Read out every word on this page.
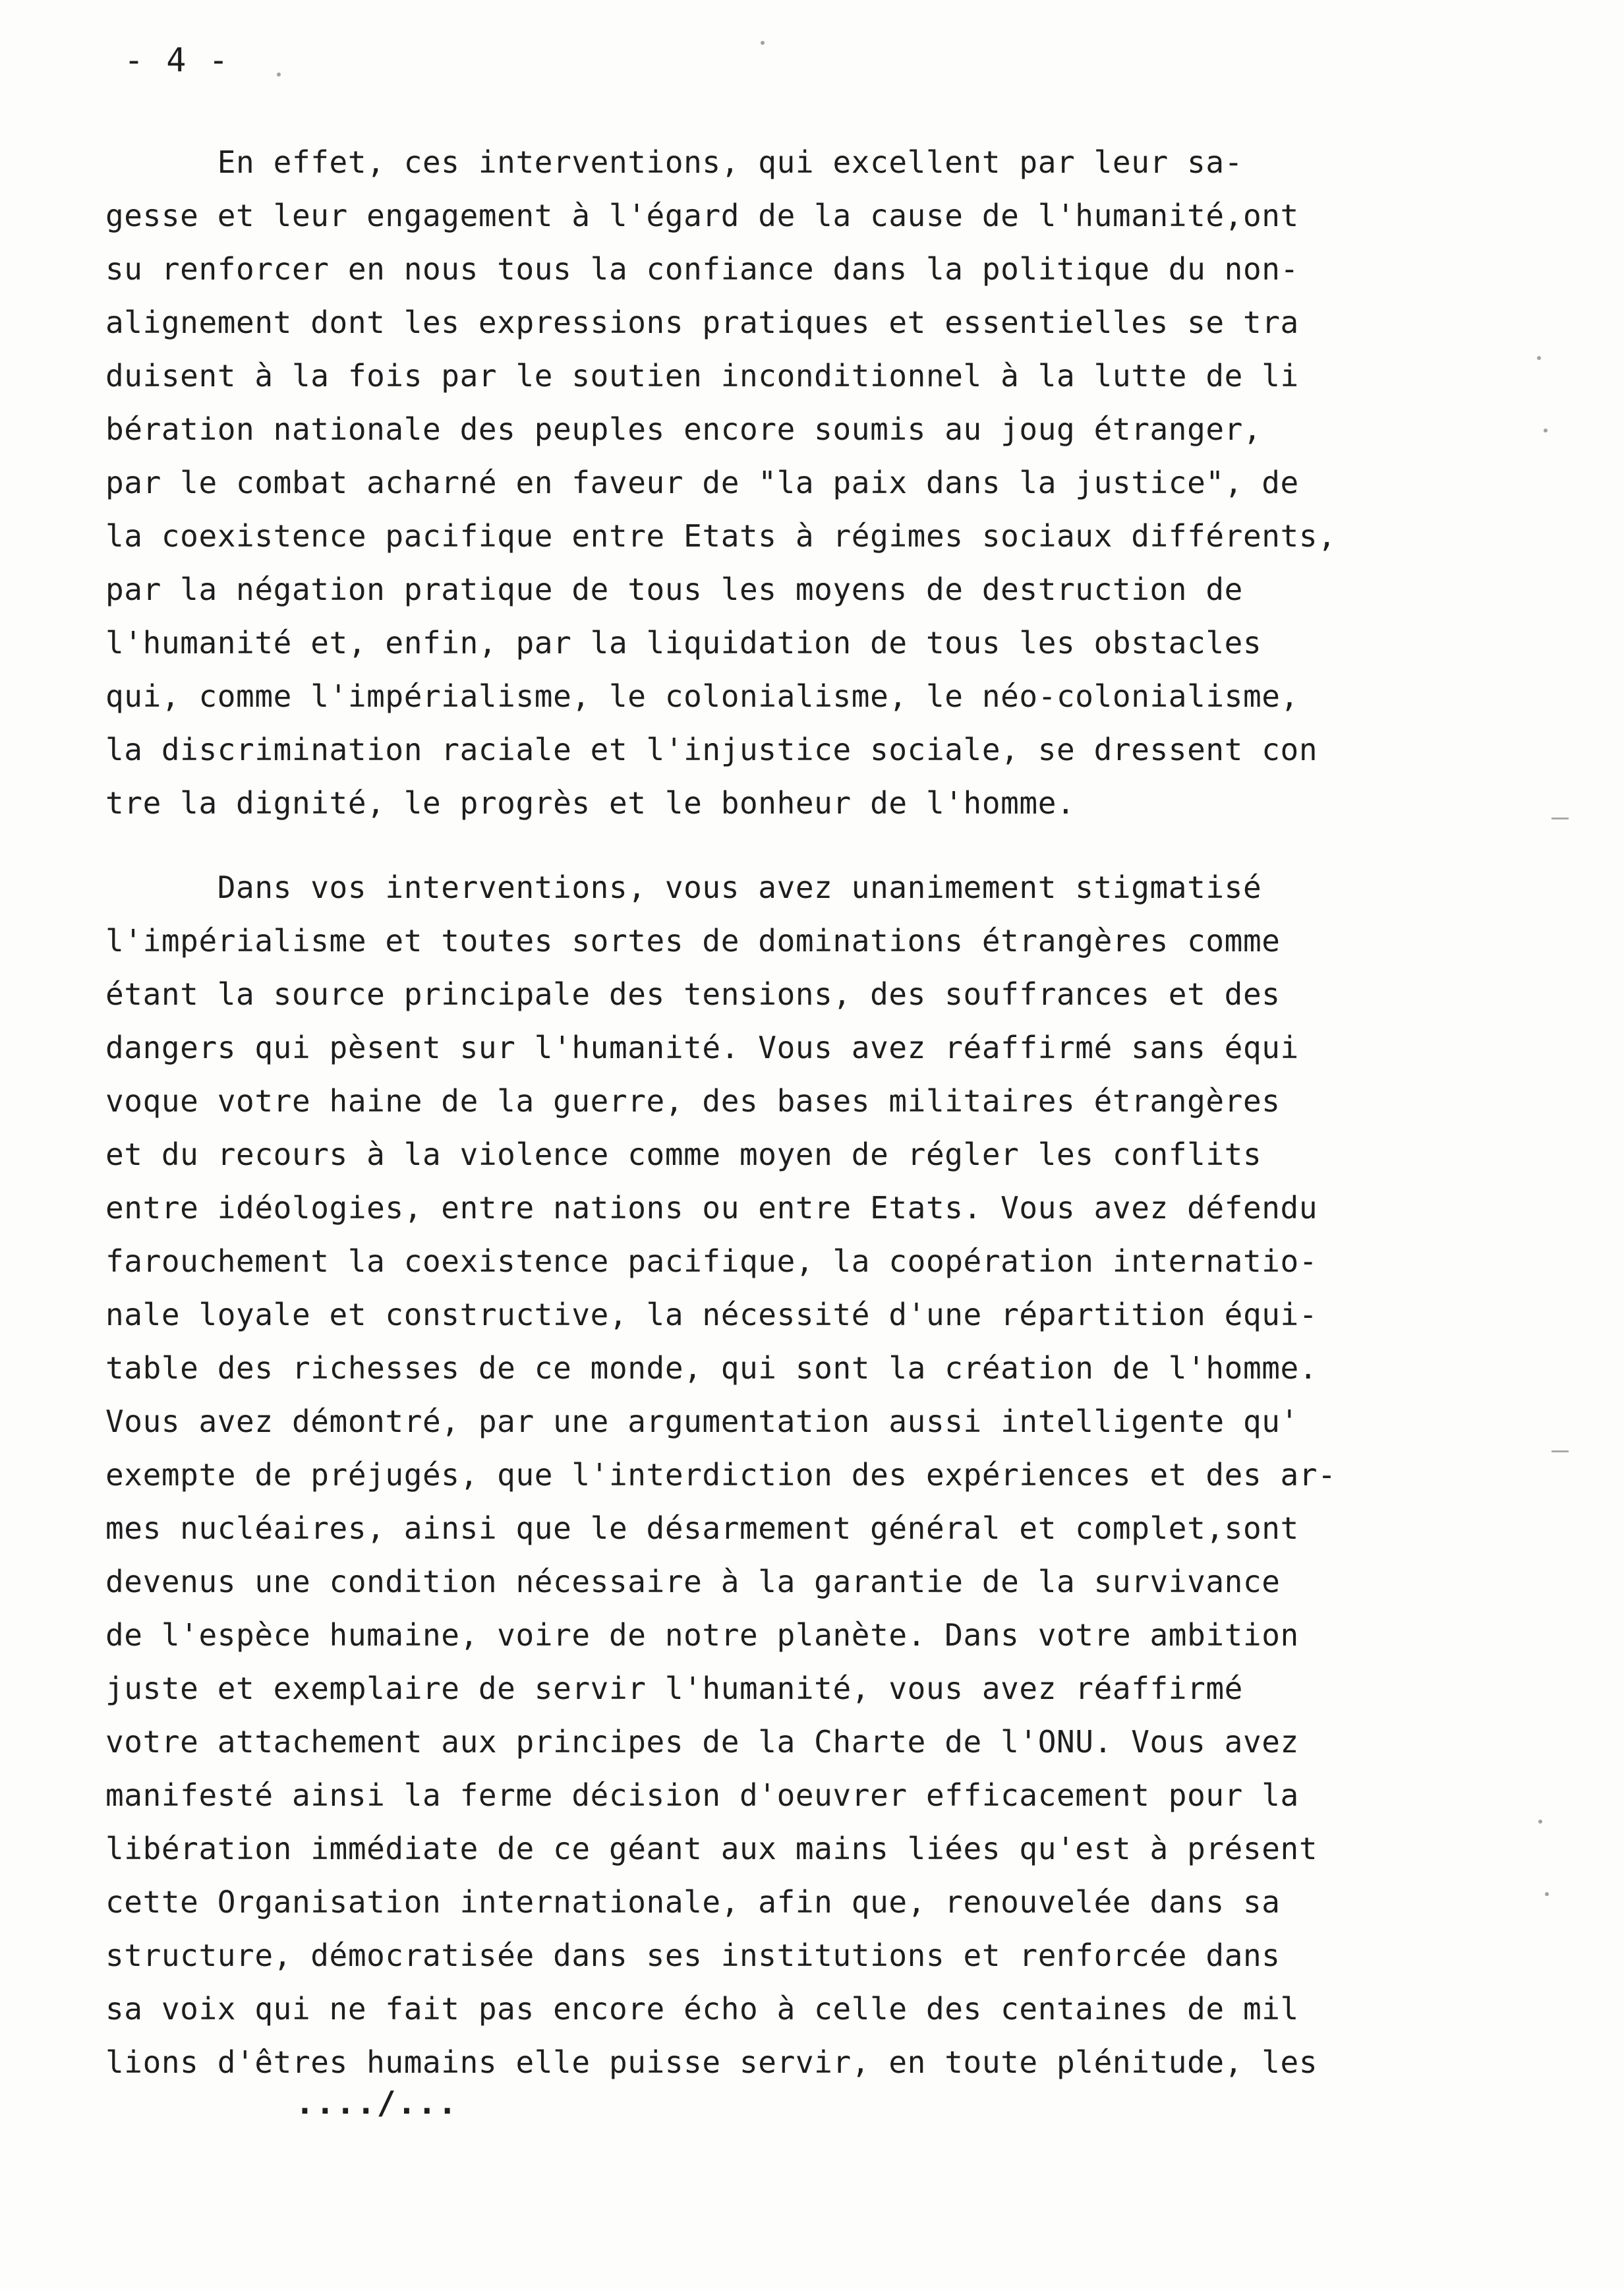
- 4 -
En effet, ces interventions, qui excellent par leur sa-
gesse et leur engagement à l'égard de la cause de l'humanité,ont
su renforcer en nous tous la confiance dans la politique du non-
alignement dont les expressions pratiques et essentielles se tra
duisent à la fois par le soutien inconditionnel à la lutte de li
bération nationale des peuples encore soumis au joug étranger,
par le combat acharné en faveur de "la paix dans la justice", de
la coexistence pacifique entre Etats à régimes sociaux différents,
par la négation pratique de tous les moyens de destruction de
l'humanité et, enfin, par la liquidation de tous les obstacles
qui, comme l'impérialisme, le colonialisme, le néo-colonialisme,
la discrimination raciale et l'injustice sociale, se dressent con
tre la dignité, le progrès et le bonheur de l'homme.
Dans vos interventions, vous avez unanimement stigmatisé
l'impérialisme et toutes sortes de dominations étrangères comme
étant la source principale des tensions, des souffrances et des
dangers qui pèsent sur l'humanité. Vous avez réaffirmé sans équi
voque votre haine de la guerre, des bases militaires étrangères
et du recours à la violence comme moyen de régler les conflits
entre idéologies, entre nations ou entre Etats. Vous avez défendu
farouchement la coexistence pacifique, la coopération internatio-
nale loyale et constructive, la nécessité d'une répartition équi-
table des richesses de ce monde, qui sont la création de l'homme.
Vous avez démontré, par une argumentation aussi intelligente qu'
exempte de préjugés, que l'interdiction des expériences et des ar-
mes nucléaires, ainsi que le désarmement général et complet,sont
devenus une condition nécessaire à la garantie de la survivance
de l'espèce humaine, voire de notre planète. Dans votre ambition
juste et exemplaire de servir l'humanité, vous avez réaffirmé
votre attachement aux principes de la Charte de l'ONU. Vous avez
manifesté ainsi la ferme décision d'oeuvrer efficacement pour la
libération immédiate de ce géant aux mains liées qu'est à présent
cette Organisation internationale, afin que, renouvelée dans sa
structure, démocratisée dans ses institutions et renforcée dans
sa voix qui ne fait pas encore écho à celle des centaines de mil
lions d'êtres humains elle puisse servir, en toute plénitude, les
..../...
